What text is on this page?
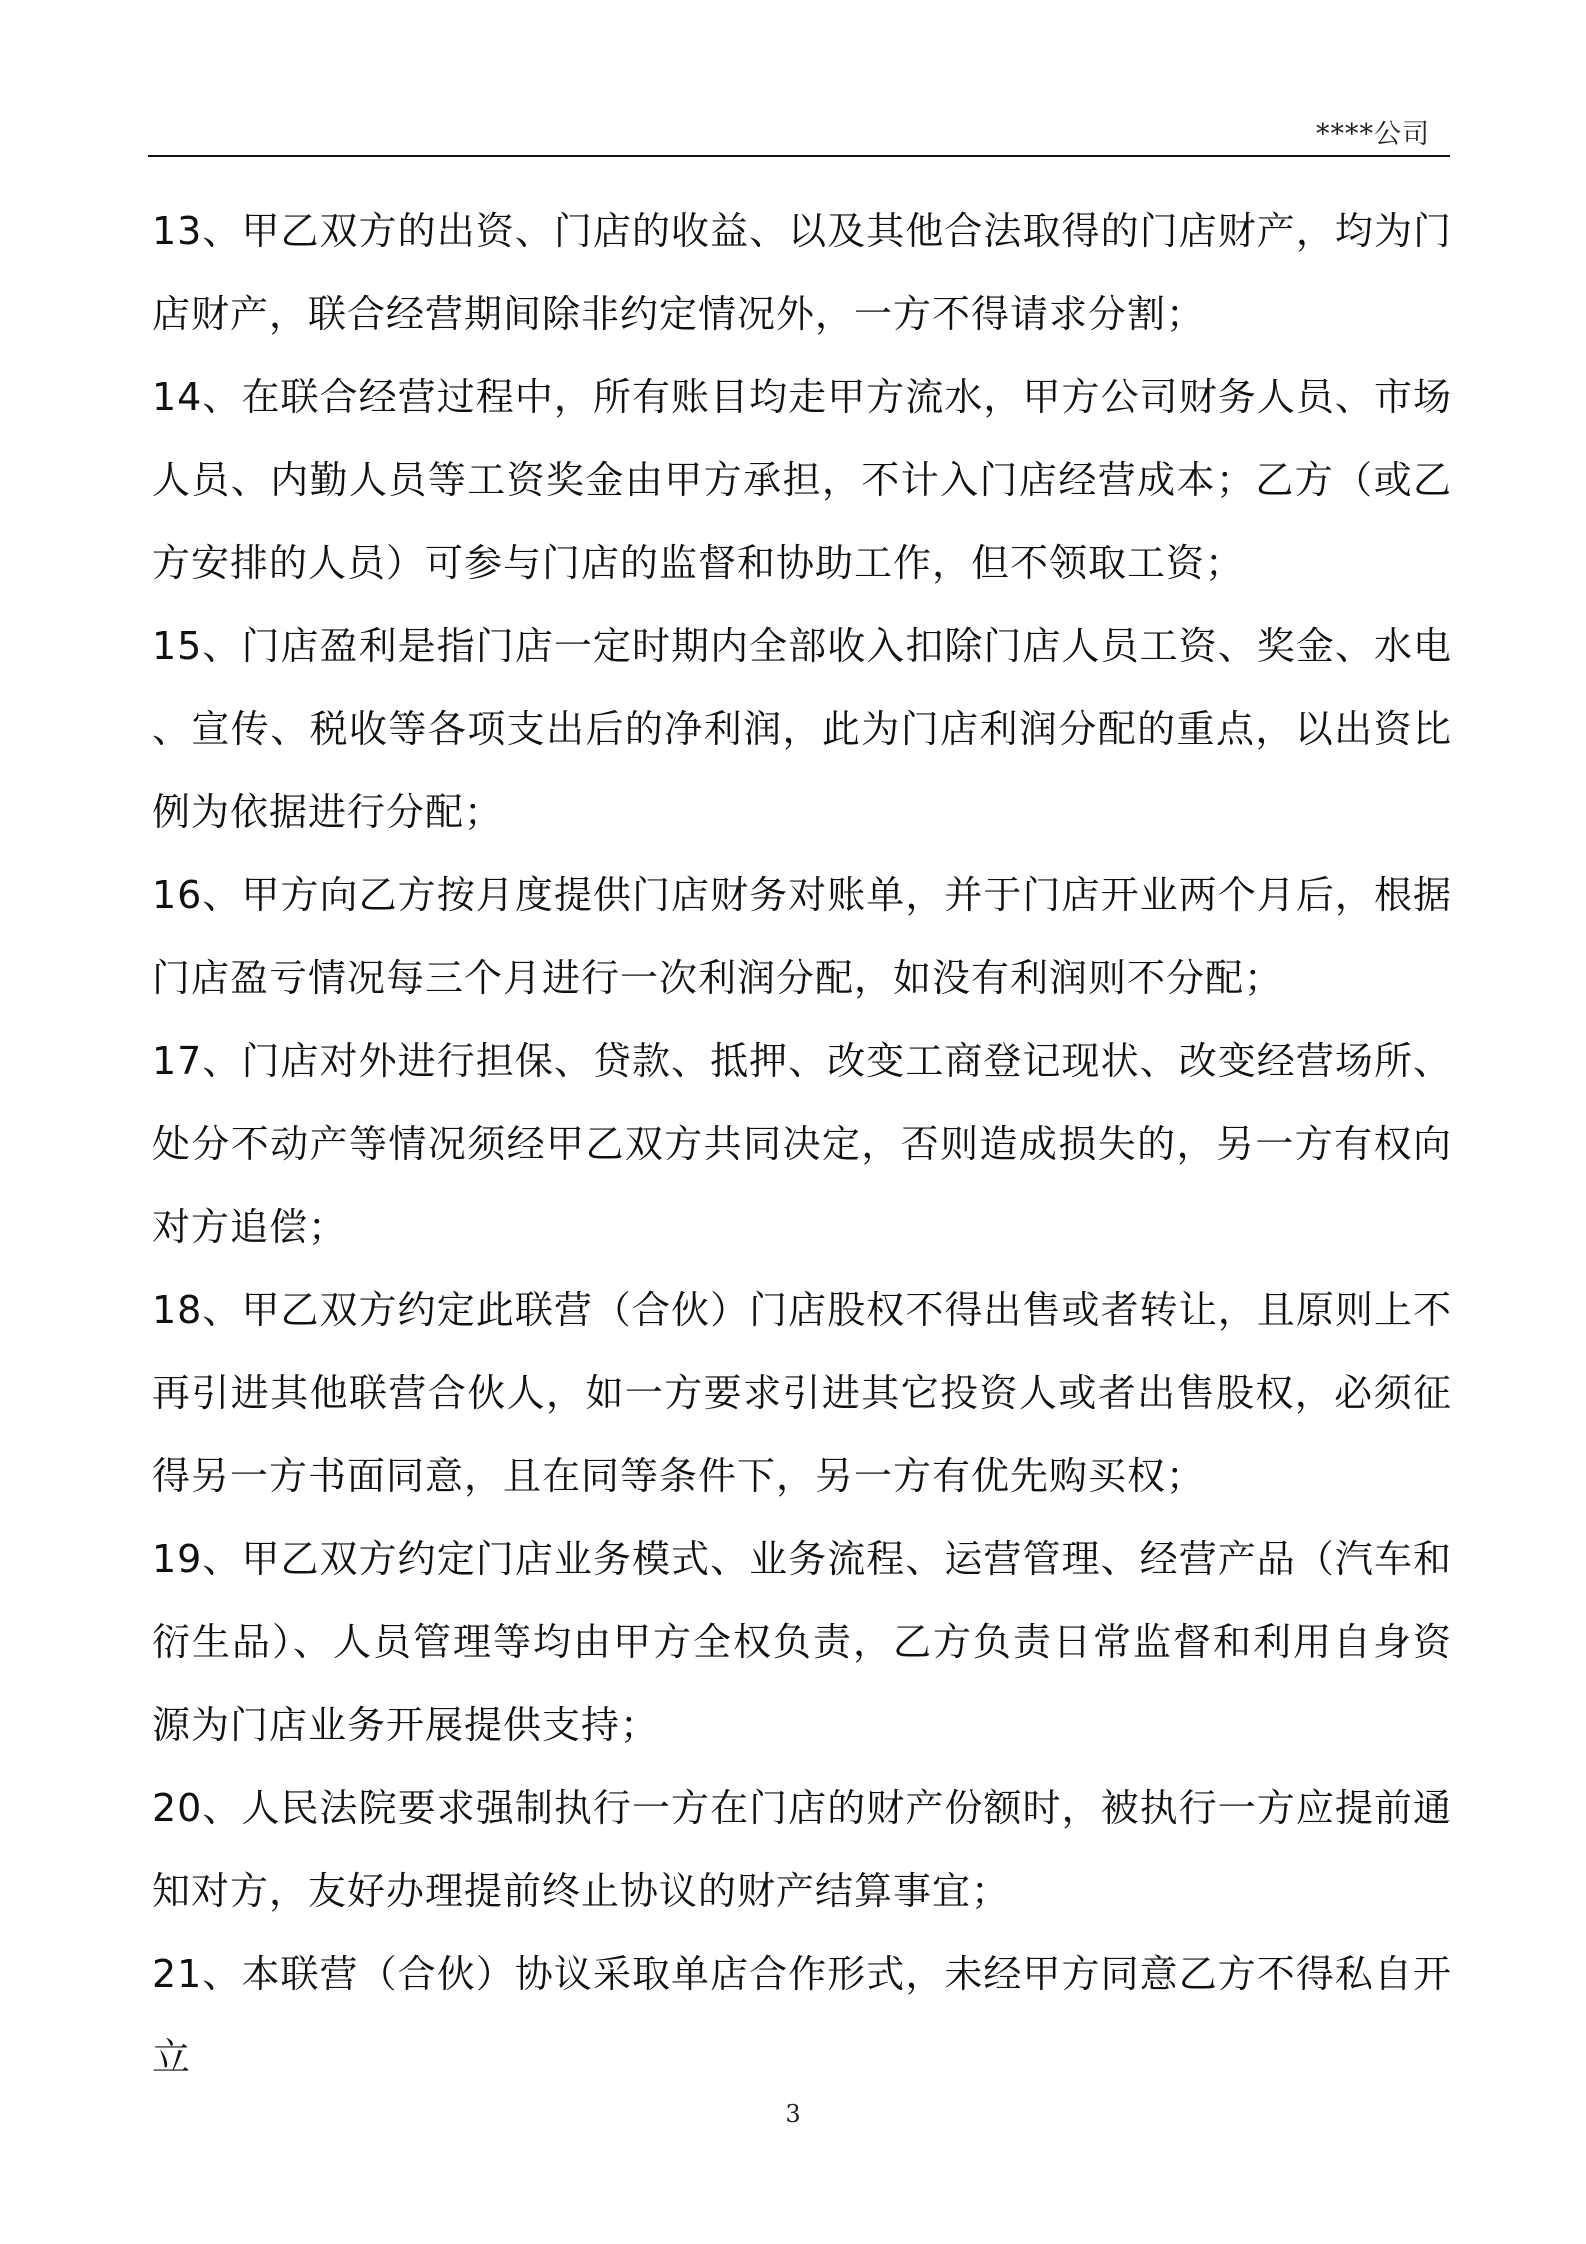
****公司

13、甲乙双方的出资、门店的收益、以及其他合法取得的门店财产，均为门店财产，联合经营期间除非约定情况外，一方不得请求分割；

14、在联合经营过程中，所有账目均走甲方流水，甲方公司财务人员、市场人员、内勤人员等工资奖金由甲方承担，不计入门店经营成本；乙方（或乙方安排的人员）可参与门店的监督和协助工作，但不领取工资；

15、门店盈利是指门店一定时期内全部收入扣除门店人员工资、奖金、水电、宣传、税收等各项支出后的净利润，此为门店利润分配的重点，以出资比例为依据进行分配；

16、甲方向乙方按月度提供门店财务对账单，并于门店开业两个月后，根据门店盈亏情况每三个月进行一次利润分配，如没有利润则不分配；

17、门店对外进行担保、贷款、抵押、改变工商登记现状、改变经营场所、处分不动产等情况须经甲乙双方共同决定，否则造成损失的，另一方有权向对方追偿；

18、甲乙双方约定此联营（合伙）门店股权不得出售或者转让，且原则上不再引进其他联营合伙人，如一方要求引进其它投资人或者出售股权，必须征得另一方书面同意，且在同等条件下，另一方有优先购买权；

19、甲乙双方约定门店业务模式、业务流程、运营管理、经营产品（汽车和衍生品）、人员管理等均由甲方全权负责，乙方负责日常监督和利用自身资源为门店业务开展提供支持；

20、人民法院要求强制执行一方在门店的财产份额时，被执行一方应提前通知对方，友好办理提前终止协议的财产结算事宜；

21、本联营（合伙）协议采取单店合作形式，未经甲方同意乙方不得私自开立

3
